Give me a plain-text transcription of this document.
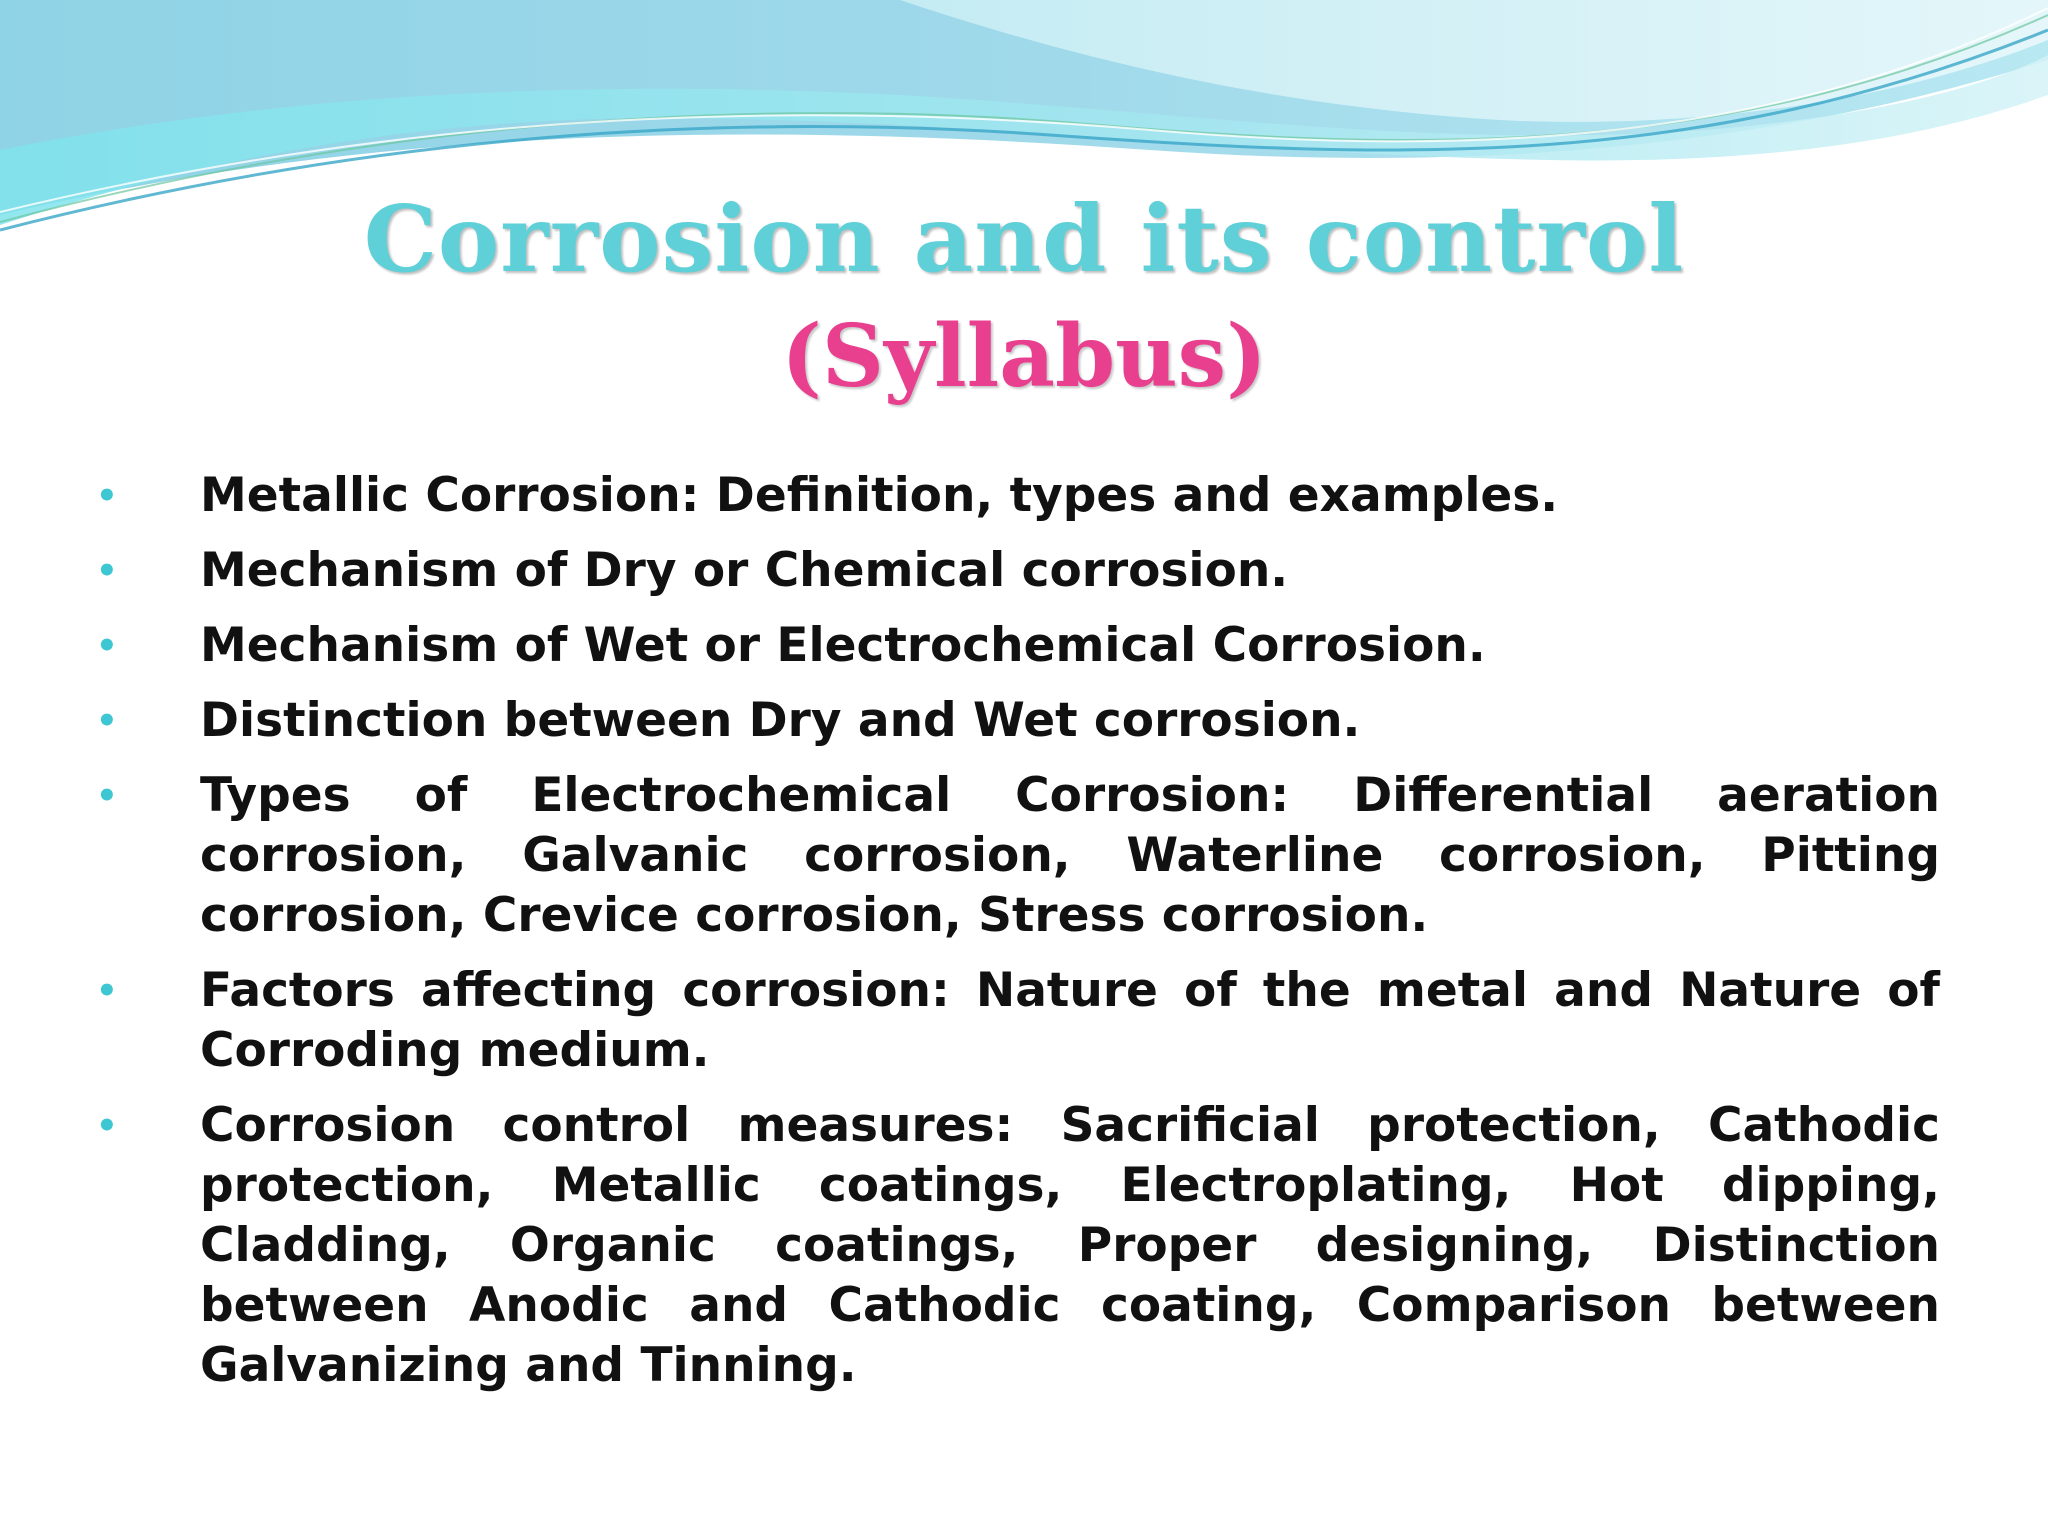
Corrosion and its control
(Syllabus)
• Metallic Corrosion: Definition, types and examples.
• Mechanism of Dry or Chemical corrosion.
• Mechanism of Wet or Electrochemical Corrosion.
• Distinction between Dry and Wet corrosion.
• Types of Electrochemical Corrosion: Differential aeration corrosion, Galvanic corrosion, Waterline corrosion, Pitting corrosion, Crevice corrosion, Stress corrosion.
• Factors affecting corrosion: Nature of the metal and Nature of Corroding medium.
• Corrosion control measures: Sacrificial protection, Cathodic protection, Metallic coatings, Electroplating, Hot dipping, Cladding, Organic coatings, Proper designing, Distinction between Anodic and Cathodic coating, Comparison between Galvanizing and Tinning.
